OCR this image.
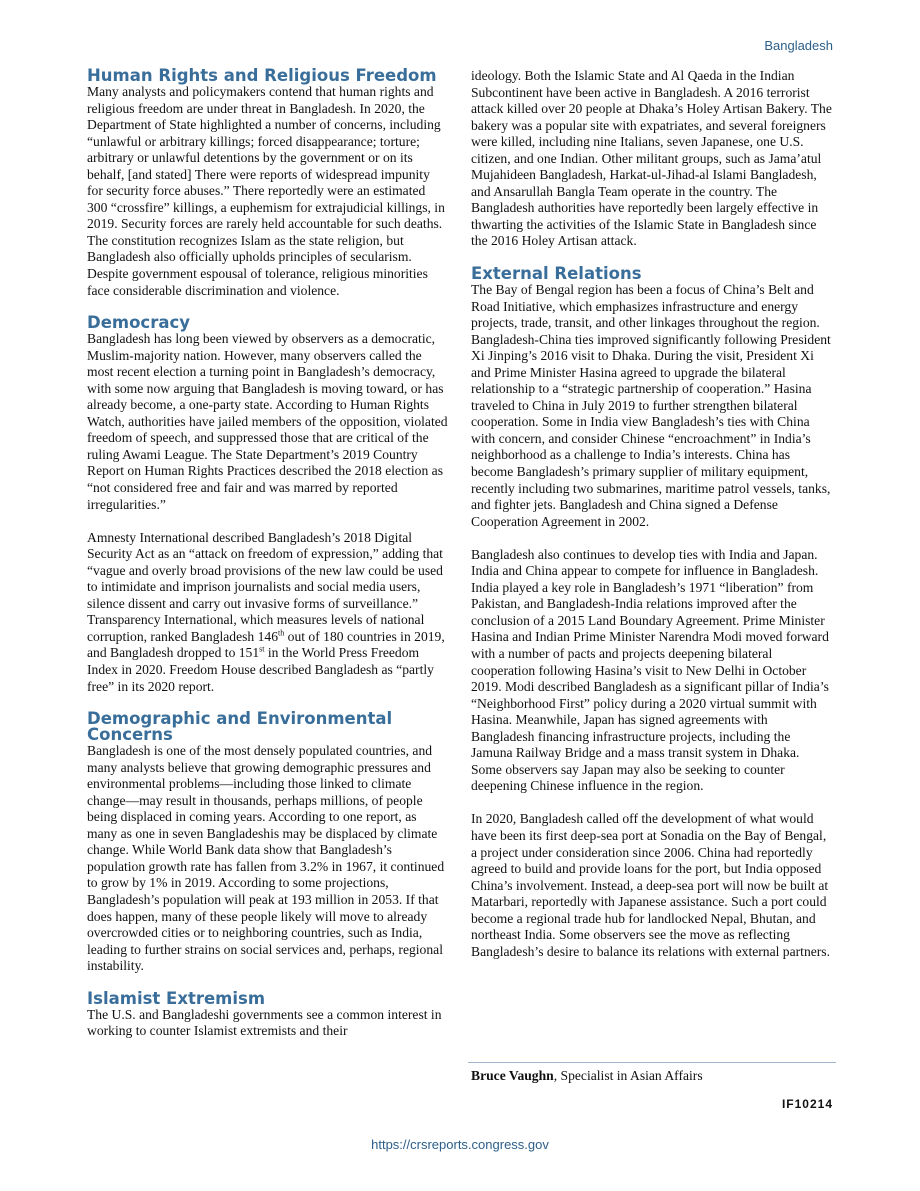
Bangladesh
Human Rights and Religious Freedom

Many analysts and policymakers contend that human rights and religious freedom are under threat in Bangladesh. In 2020, the Department of State highlighted a number of concerns, including “unlawful or arbitrary killings; forced disappearance; torture; arbitrary or unlawful detentions by the government or on its behalf, [and stated] There were reports of widespread impunity for security force abuses.” There reportedly were an estimated 300 “crossfire” killings, a euphemism for extrajudicial killings, in 2019. Security forces are rarely held accountable for such deaths. The constitution recognizes Islam as the state religion, but Bangladesh also officially upholds principles of secularism. Despite government espousal of tolerance, religious minorities face considerable discrimination and violence.

Democracy

Bangladesh has long been viewed by observers as a democratic, Muslim-majority nation. However, many observers called the most recent election a turning point in Bangladesh’s democracy, with some now arguing that Bangladesh is moving toward, or has already become, a one-party state. According to Human Rights Watch, authorities have jailed members of the opposition, violated freedom of speech, and suppressed those that are critical of the ruling Awami League. The State Department’s 2019 Country Report on Human Rights Practices described the 2018 election as “not considered free and fair and was marred by reported irregularities.”

Amnesty International described Bangladesh’s 2018 Digital Security Act as an “attack on freedom of expression,” adding that “vague and overly broad provisions of the new law could be used to intimidate and imprison journalists and social media users, silence dissent and carry out invasive forms of surveillance.” Transparency International, which measures levels of national corruption, ranked Bangladesh 146th out of 180 countries in 2019, and Bangladesh dropped to 151st in the World Press Freedom Index in 2020. Freedom House described Bangladesh as “partly free” in its 2020 report.

Demographic and Environmental
Concerns

Bangladesh is one of the most densely populated countries, and many analysts believe that growing demographic pressures and environmental problems—including those linked to climate change—may result in thousands, perhaps millions, of people being displaced in coming years. According to one report, as many as one in seven Bangladeshis may be displaced by climate change. While World Bank data show that Bangladesh’s population growth rate has fallen from 3.2% in 1967, it continued to grow by 1% in 2019. According to some projections, Bangladesh’s population will peak at 193 million in 2053. If that does happen, many of these people likely will move to already overcrowded cities or to neighboring countries, such as India, leading to further strains on social services and, perhaps, regional instability.

Islamist Extremism

The U.S. and Bangladeshi governments see a common interest in working to counter Islamist extremists and their

ideology. Both the Islamic State and Al Qaeda in the Indian Subcontinent have been active in Bangladesh. A 2016 terrorist attack killed over 20 people at Dhaka’s Holey Artisan Bakery. The bakery was a popular site with expatriates, and several foreigners were killed, including nine Italians, seven Japanese, one U.S. citizen, and one Indian. Other militant groups, such as Jama’atul Mujahideen Bangladesh, Harkat-ul-Jihad-al Islami Bangladesh, and Ansarullah Bangla Team operate in the country. The Bangladesh authorities have reportedly been largely effective in thwarting the activities of the Islamic State in Bangladesh since the 2016 Holey Artisan attack.

External Relations

The Bay of Bengal region has been a focus of China’s Belt and Road Initiative, which emphasizes infrastructure and energy projects, trade, transit, and other linkages throughout the region. Bangladesh-China ties improved significantly following President Xi Jinping’s 2016 visit to Dhaka. During the visit, President Xi and Prime Minister Hasina agreed to upgrade the bilateral relationship to a “strategic partnership of cooperation.” Hasina traveled to China in July 2019 to further strengthen bilateral cooperation. Some in India view Bangladesh’s ties with China with concern, and consider Chinese “encroachment” in India’s neighborhood as a challenge to India’s interests. China has become Bangladesh’s primary supplier of military equipment, recently including two submarines, maritime patrol vessels, tanks, and fighter jets. Bangladesh and China signed a Defense Cooperation Agreement in 2002.

Bangladesh also continues to develop ties with India and Japan. India and China appear to compete for influence in Bangladesh. India played a key role in Bangladesh’s 1971 “liberation” from Pakistan, and Bangladesh-India relations improved after the conclusion of a 2015 Land Boundary Agreement. Prime Minister Hasina and Indian Prime Minister Narendra Modi moved forward with a number of pacts and projects deepening bilateral cooperation following Hasina’s visit to New Delhi in October 2019. Modi described Bangladesh as a significant pillar of India’s “Neighborhood First” policy during a 2020 virtual summit with Hasina. Meanwhile, Japan has signed agreements with Bangladesh financing infrastructure projects, including the Jamuna Railway Bridge and a mass transit system in Dhaka. Some observers say Japan may also be seeking to counter deepening Chinese influence in the region.

In 2020, Bangladesh called off the development of what would have been its first deep-sea port at Sonadia on the Bay of Bengal, a project under consideration since 2006. China had reportedly agreed to build and provide loans for the port, but India opposed China’s involvement. Instead, a deep-sea port will now be built at Matarbari, reportedly with Japanese assistance. Such a port could become a regional trade hub for landlocked Nepal, Bhutan, and northeast India. Some observers see the move as reflecting Bangladesh’s desire to balance its relations with external partners.

Bruce Vaughn, Specialist in Asian Affairs
IF10214
https://crsreports.congress.gov
